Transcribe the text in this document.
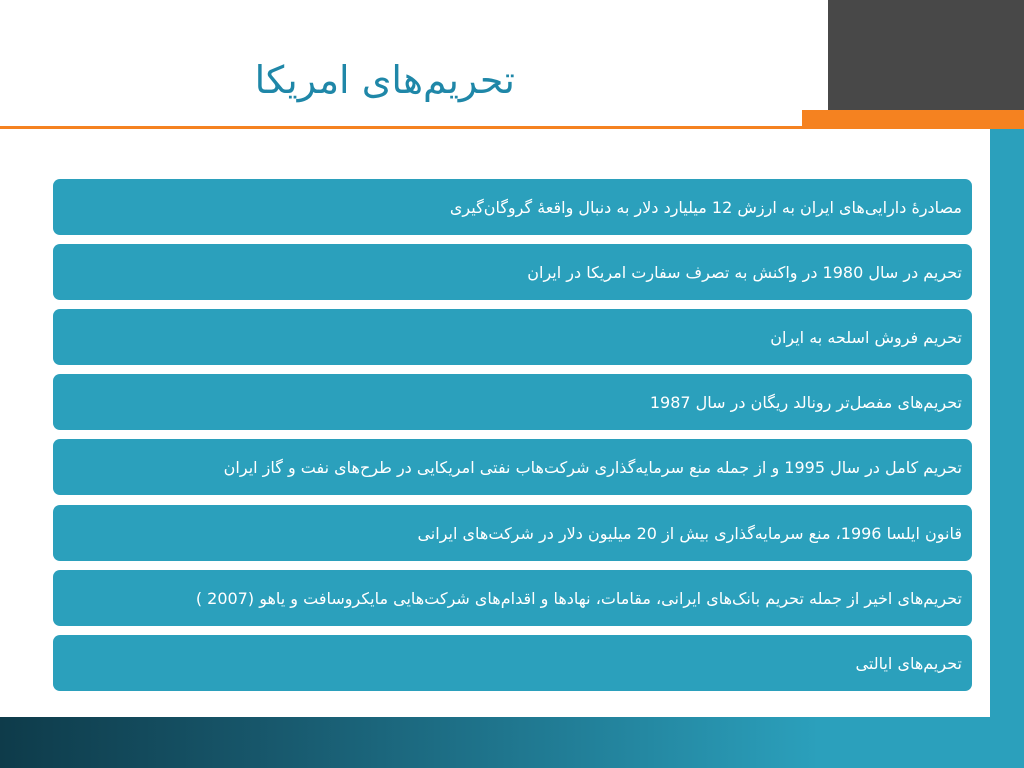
تحریم‌های امریکا
مصادرهٔ دارایی‌های ایران به ارزش 12 میلیارد دلار به دنبال واقعهٔ گروگان‌گیری
تحریم در سال 1980 در واکنش به تصرف سفارت امریکا در ایران
تحریم فروش اسلحه به ایران
تحریم‌های مفصل‌تر رونالد ریگان در سال 1987
تحریم کامل در سال 1995 و از جمله منع سرمایه‌گذاری شرکت‌هاب نفتی امریکایی در طرح‌های نفت و گاز ایران
قانون ایلسا 1996، منع سرمایه‌گذاری بیش از 20 میلیون دلار در شرکت‌های ایرانی
تحریم‌های اخیر از جمله تحریم بانک‌های ایرانی، مقامات، نهادها و اقدام‌های شرکت‌هایی مایکروسافت و یاهو (2007 )
تحریم‌های ایالتی
